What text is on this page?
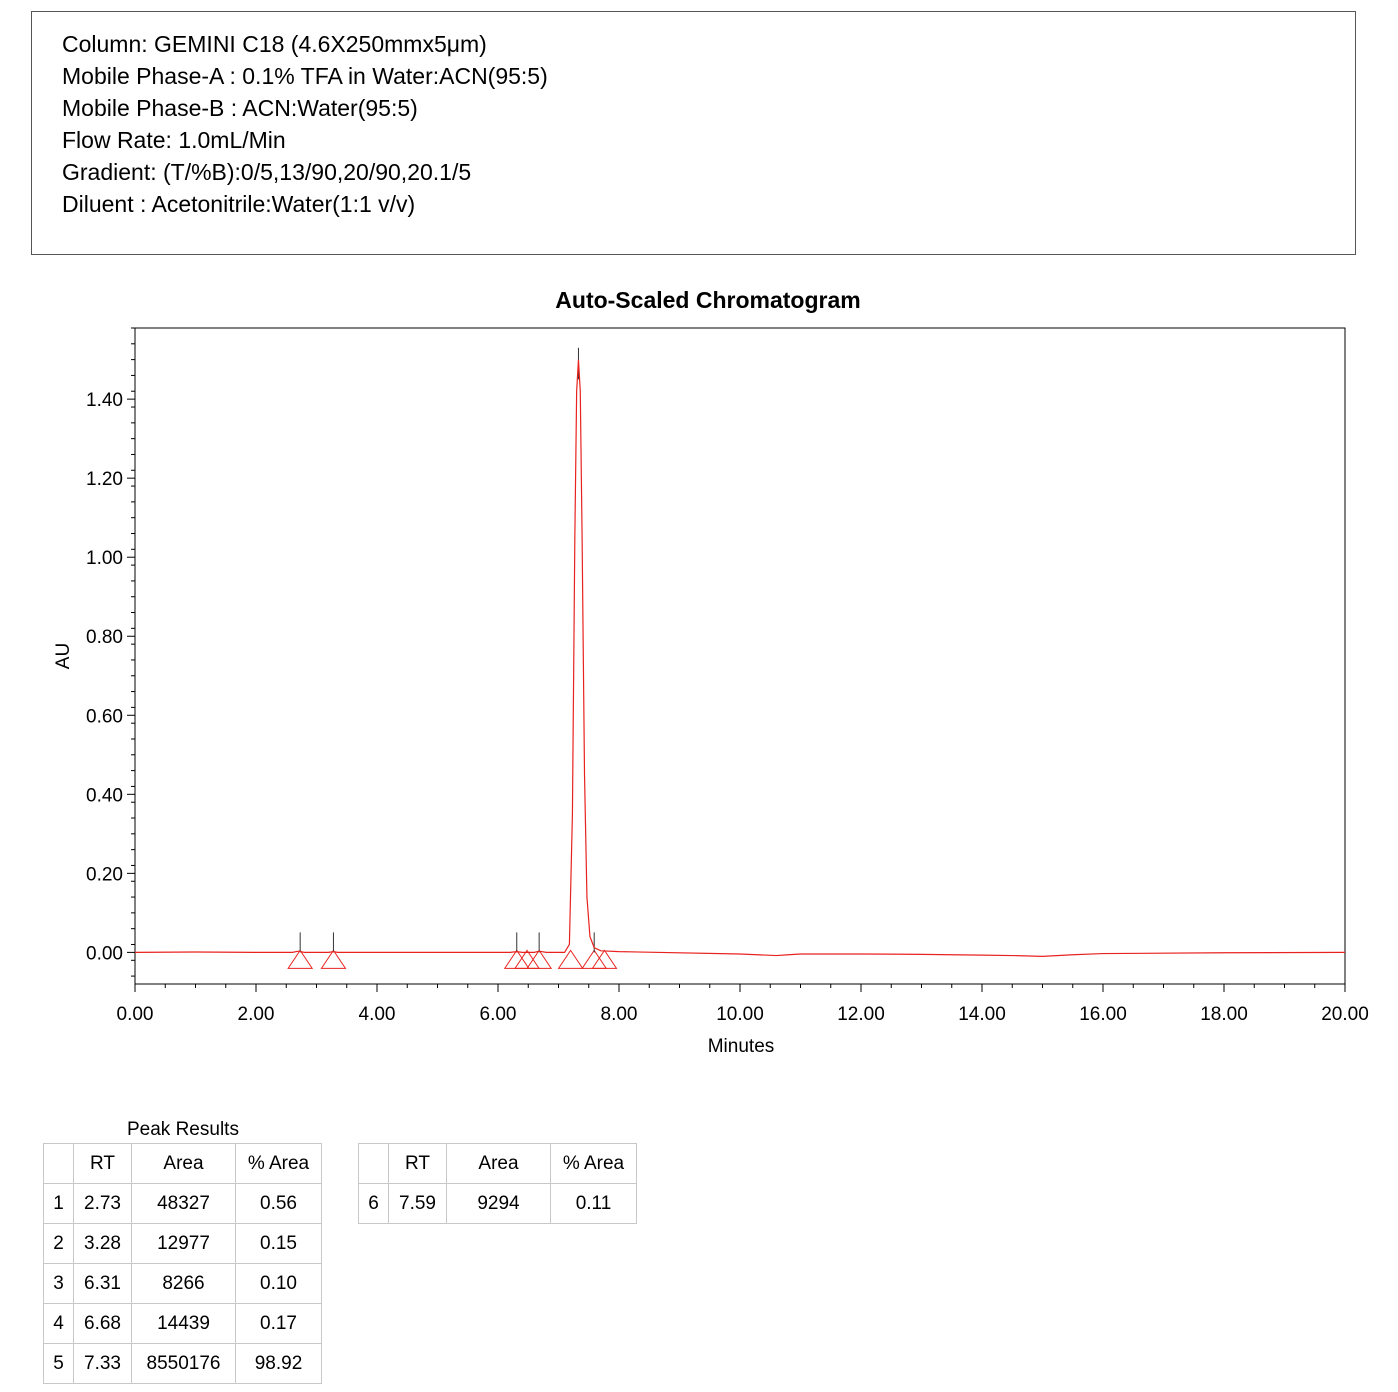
Column: GEMINI C18 (4.6X250mmx5μm)
Mobile Phase-A : 0.1% TFA in Water:ACN(95:5)
Mobile Phase-B : ACN:Water(95:5)
Flow Rate: 1.0mL/Min
Gradient: (T/%B):0/5,13/90,20/90,20.1/5
Diluent : Acetonitrile:Water(1:1 v/v)
Auto-Scaled Chromatogram
0.00	2.00	4.00	6.00	8.00	10.00	12.00	14.00	16.00	18.00	20.00
0.00
0.20
0.40
0.60
0.80
1.00
1.20
1.40
Minutes
AU
Peak Results
	RT	Area	% Area
1	2.73	48327	0.56
2	3.28	12977	0.15
3	6.31	8266	0.10
4	6.68	14439	0.17
5	7.33	8550176	98.92
	RT	Area	% Area
6	7.59	9294	0.11
